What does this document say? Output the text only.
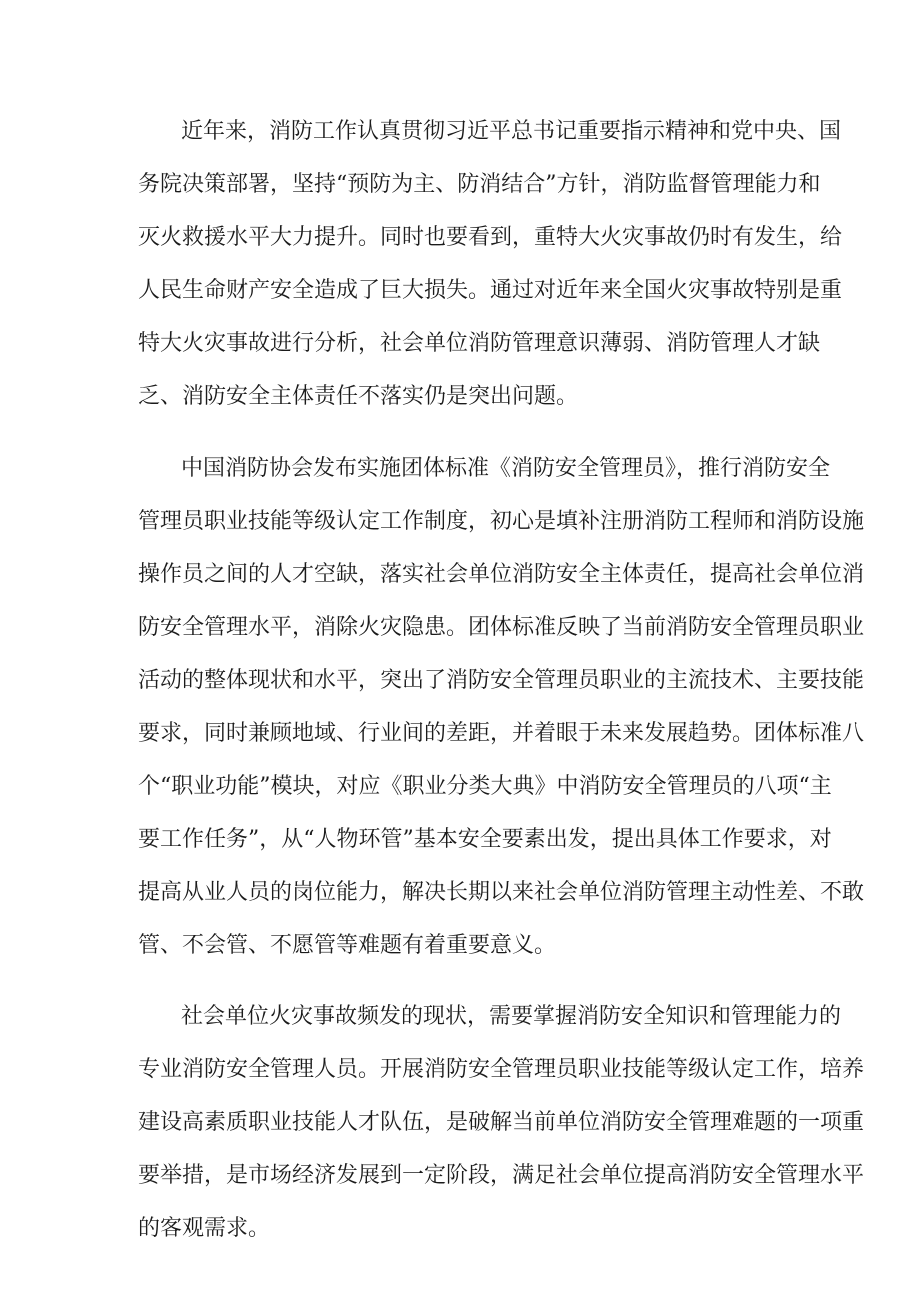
近年来，消防工作认真贯彻习近平总书记重要指示精神和党中央、国

务院决策部署，坚持“预防为主、防消结合”方针，消防监督管理能力和

灭火救援水平大力提升。同时也要看到，重特大火灾事故仍时有发生，给

人民生命财产安全造成了巨大损失。通过对近年来全国火灾事故特别是重

特大火灾事故进行分析，社会单位消防管理意识薄弱、消防管理人才缺

乏、消防安全主体责任不落实仍是突出问题。

中国消防协会发布实施团体标准《消防安全管理员》，推行消防安全

管理员职业技能等级认定工作制度，初心是填补注册消防工程师和消防设施

操作员之间的人才空缺，落实社会单位消防安全主体责任，提高社会单位消

防安全管理水平，消除火灾隐患。团体标准反映了当前消防安全管理员职业

活动的整体现状和水平，突出了消防安全管理员职业的主流技术、主要技能

要求，同时兼顾地域、行业间的差距，并着眼于未来发展趋势。团体标准八

个“职业功能”模块，对应《职业分类大典》中消防安全管理员的八项“主

要工作任务”，从“人物环管”基本安全要素出发，提出具体工作要求，对

提高从业人员的岗位能力，解决长期以来社会单位消防管理主动性差、不敢

管、不会管、不愿管等难题有着重要意义。

社会单位火灾事故频发的现状，需要掌握消防安全知识和管理能力的

专业消防安全管理人员。开展消防安全管理员职业技能等级认定工作，培养

建设高素质职业技能人才队伍，是破解当前单位消防安全管理难题的一项重

要举措，是市场经济发展到一定阶段，满足社会单位提高消防安全管理水平

的客观需求。
